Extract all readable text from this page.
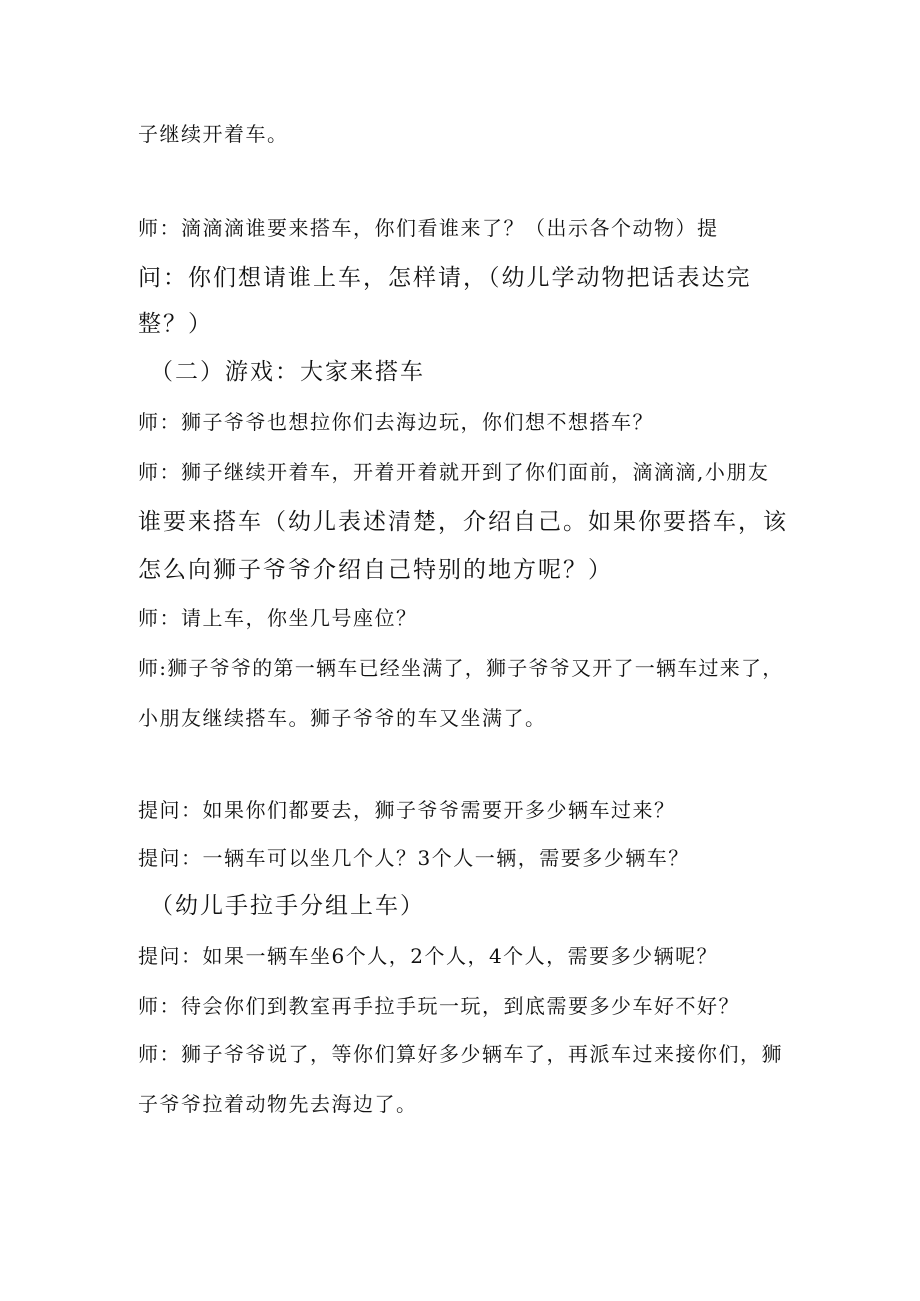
子继续开着车。
师：滴滴滴谁要来搭车，你们看谁来了？（出示各个动物）提
问：你们想请谁上车，怎样请，（幼儿学动物把话表达完
整？）
（二）游戏：大家来搭车
师：狮子爷爷也想拉你们去海边玩，你们想不想搭车？
师：狮子继续开着车，开着开着就开到了你们面前，滴滴滴,小朋友
谁要来搭车（幼儿表述清楚，介绍自己。如果你要搭车，该
怎么向狮子爷爷介绍自己特别的地方呢？）
师：请上车，你坐几号座位？
师:狮子爷爷的第一辆车已经坐满了，狮子爷爷又开了一辆车过来了，
小朋友继续搭车。狮子爷爷的车又坐满了。
提问：如果你们都要去，狮子爷爷需要开多少辆车过来？
提问：一辆车可以坐几个人？3个人一辆，需要多少辆车？
（幼儿手拉手分组上车）
提问：如果一辆车坐6个人，2个人，4个人，需要多少辆呢？
师：待会你们到教室再手拉手玩一玩，到底需要多少车好不好？
师：狮子爷爷说了，等你们算好多少辆车了，再派车过来接你们，狮
子爷爷拉着动物先去海边了。
